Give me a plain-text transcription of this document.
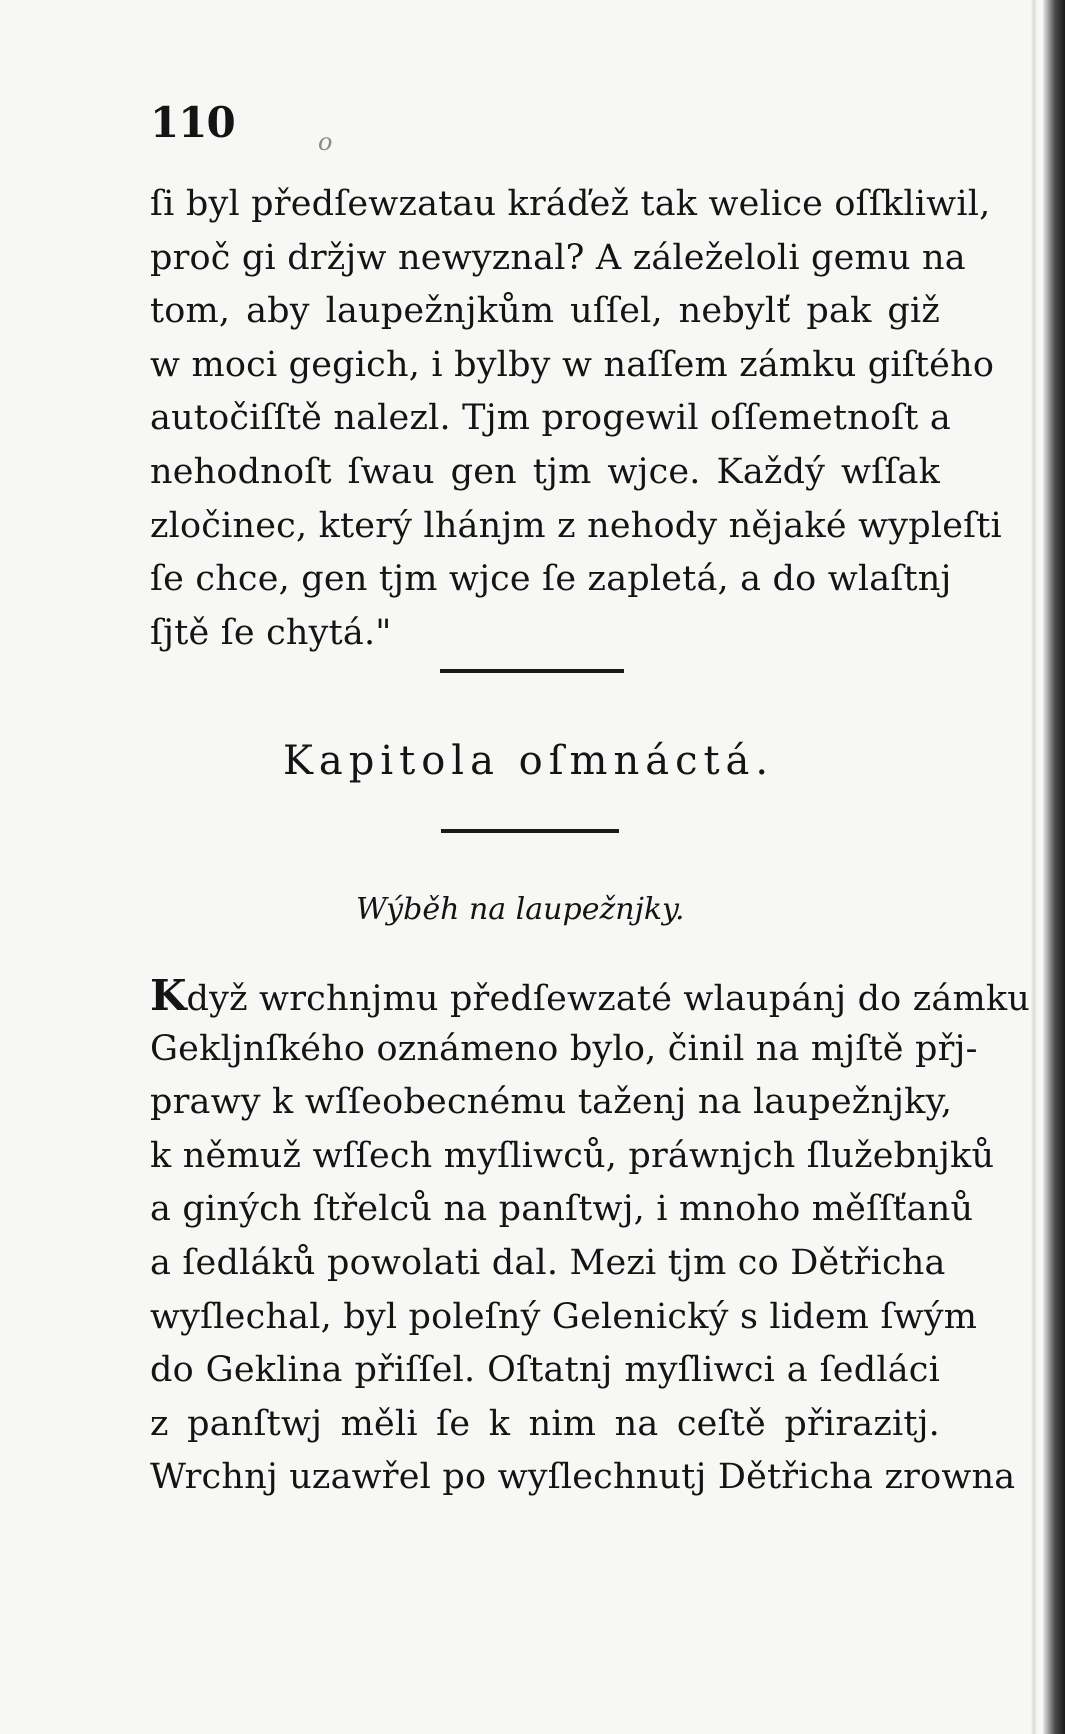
110	o
ſi byl předſewzatau kráďež tak welice oſſkliwil,
proč gi držjw newyznal? A záleželoli gemu na
tom, aby laupežnjkům uſſel, nebylť pak giž
w moci gegich, i bylby w naſſem zámku giſtého
autočiſſtě nalezl. Tjm progewil oſſemetnoſt a
nehodnoſt ſwau gen tjm wjce. Každý wſſak
zločinec, který lhánjm z nehody nějaké wypleſti
ſe chce, gen tjm wjce ſe zapletá, a do wlaſtnj
ſjtě ſe chytá."
Kapitola oſmnáctá.
Wýběh na laupežnjky.
Když wrchnjmu předſewzaté wlaupánj do zámku
Gekljnſkého oznámeno bylo, činil na mjſtě přj-
prawy k wſſeobecnému taženj na laupežnjky,
k němuž wſſech myſliwců, práwnjch ſlužebnjků
a giných ſtřelců na panſtwj, i mnoho měſſťanů
a ſedláků powolati dal. Mezi tjm co Dětřicha
wyſlechal, byl poleſný Gelenický s lidem ſwým
do Geklina přiſſel. Oſtatnj myſliwci a ſedláci
z panſtwj měli ſe k nim na ceſtě přirazitj.
Wrchnj uzawřel po wyſlechnutj Dětřicha zrowna
